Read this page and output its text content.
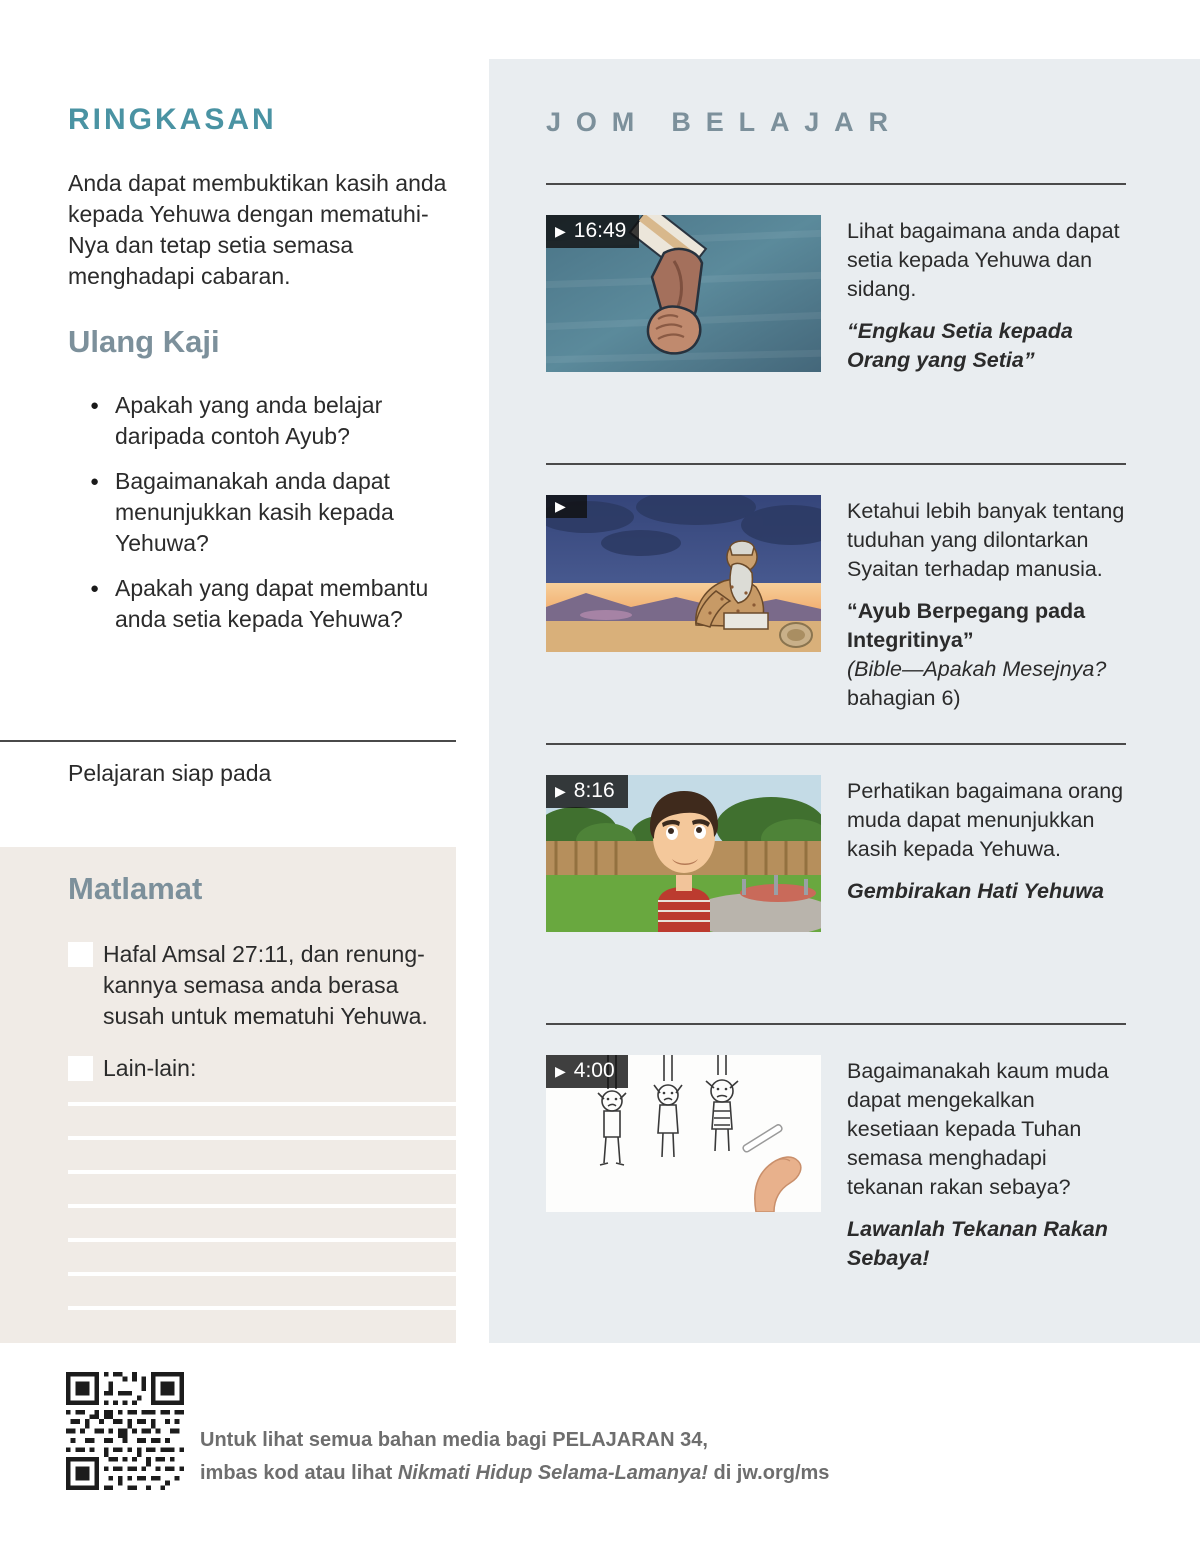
RINGKASAN

Anda dapat membuktikan kasih anda kepada Yehuwa dengan mematuhi-Nya dan tetap setia semasa menghadapi cabaran.

Ulang Kaji
● Apakah yang anda belajar daripada contoh Ayub?
● Bagaimanakah anda dapat menunjukkan kasih kepada Yehuwa?
● Apakah yang dapat membantu anda setia kepada Yehuwa?
Pelajaran siap pada
Matlamat
Hafal Amsal 27:11, dan renung-kannya semasa anda berasa susah untuk mematuhi Yehuwa.
Lain-lain:
JOM BELAJAR
▶ 16:49	Lihat bagaimana anda dapat setia kepada Yehuwa dan sidang.

“Engkau Setia kepada Orang yang Setia”

▶	Ketahui lebih banyak tentang tuduhan yang dilontarkan Syaitan terhadap manusia.

“Ayub Berpegang pada Integritinya”

(Bible—Apakah Mesejnya? bahagian 6)

▶ 8:16	Perhatikan bagaimana orang muda dapat menunjukkan kasih kepada Yehuwa.

Gembirakan Hati Yehuwa

▶ 4:00	Bagaimanakah kaum muda dapat mengekalkan kesetiaan kepada Tuhan semasa menghadapi tekanan rakan sebaya?

Lawanlah Tekanan Rakan Sebaya!

Untuk lihat semua bahan media bagi PELAJARAN 34,
imbas kod atau lihat Nikmati Hidup Selama-Lamanya! di jw.org/ms
